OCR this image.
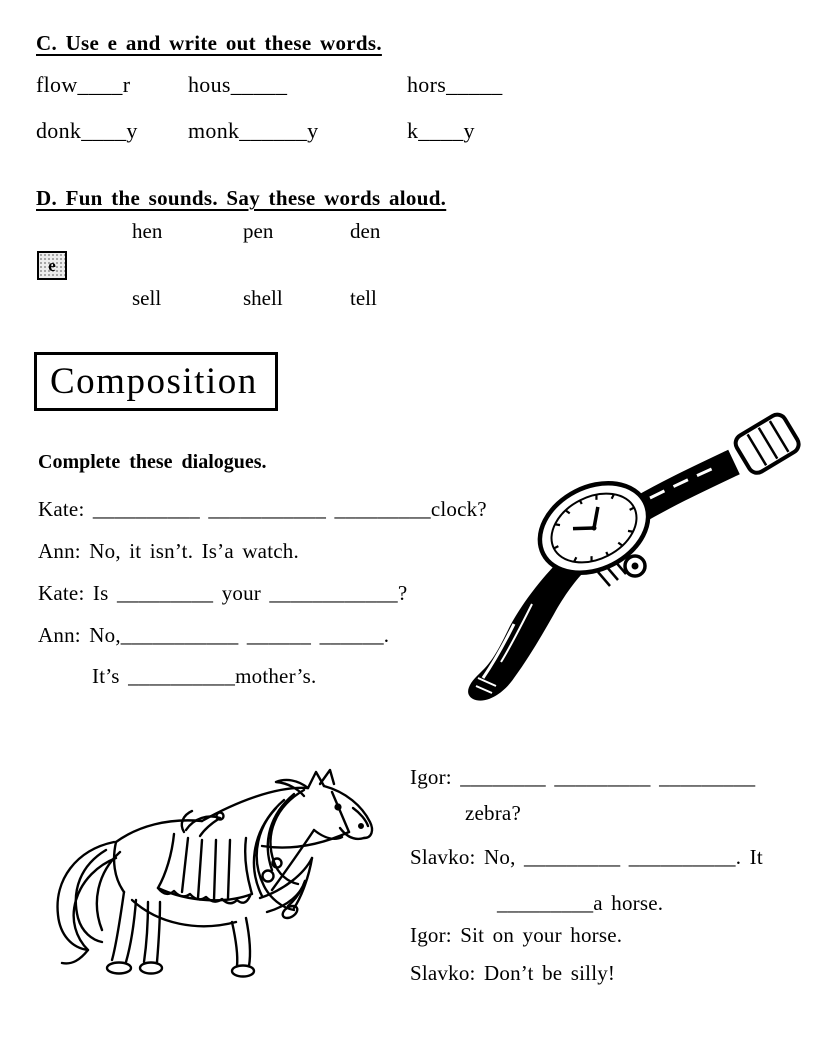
C. Use e and write out these words.
flow____r	hous_____	hors_____
donk____y monk______y	k____y
D. Fun the sounds. Say these words aloud.
hen	pen	den
e
sell	shell	tell
Composition
Complete these dialogues.
Kate: __________ ___________ _________clock?
Ann: No, it isn’t. Is’a watch.
Kate: Is _________ your ____________?
Ann: No,___________ ______ ______.
It’s __________mother’s.
Igor: ________ _________ _________
zebra?
Slavko: No, _________ __________. It
_________a horse.
Igor: Sit on your horse.
Slavko: Don’t be silly!
